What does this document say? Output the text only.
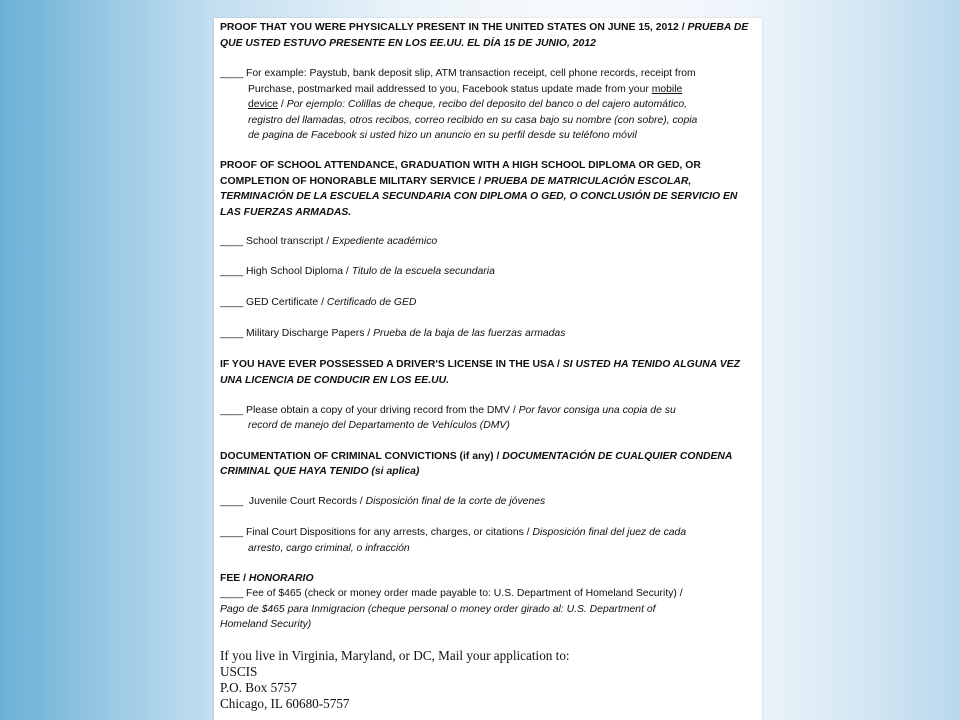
PROOF THAT YOU WERE PHYSICALLY PRESENT IN THE UNITED STATES ON JUNE 15, 2012 / PRUEBA DE
QUE USTED ESTUVO PRESENTE EN LOS EE.UU. EL DÍA 15 DE JUNIO, 2012
____ For example: Paystub, bank deposit slip, ATM transaction receipt, cell phone records, receipt from
Purchase, postmarked mail addressed to you, Facebook status update made from your mobile
device / Por ejemplo: Colillas de cheque, recibo del deposito del banco o del cajero automático,
registro del llamadas, otros recibos, correo recibido en su casa bajo su nombre (con sobre), copia
de pagina de Facebook si usted hizo un anuncio en su perfil desde su teléfono móvil
PROOF OF SCHOOL ATTENDANCE, GRADUATION WITH A HIGH SCHOOL DIPLOMA OR GED, OR
COMPLETION OF HONORABLE MILITARY SERVICE / PRUEBA DE MATRICULACIÓN ESCOLAR,
TERMINACIÓN DE LA ESCUELA SECUNDARIA CON DIPLOMA O GED, O CONCLUSIÓN DE SERVICIO EN
LAS FUERZAS ARMADAS.
____ School transcript / Expediente académico
____ High School Diploma / Titulo de la escuela secundaria
____ GED Certificate / Certificado de GED
____ Military Discharge Papers / Prueba de la baja de las fuerzas armadas
IF YOU HAVE EVER POSSESSED A DRIVER'S LICENSE IN THE USA / SI USTED HA TENIDO ALGUNA VEZ
UNA LICENCIA DE CONDUCIR EN LOS EE.UU.
____ Please obtain a copy of your driving record from the DMV / Por favor consiga una copia de su
record de manejo del Departamento de Vehículos (DMV)
DOCUMENTATION OF CRIMINAL CONVICTIONS (if any) / DOCUMENTACIÓN DE CUALQUIER CONDENA
CRIMINAL QUE HAYA TENIDO (si aplica)
____ Juvenile Court Records / Disposición final de la corte de jóvenes
____ Final Court Dispositions for any arrests, charges, or citations / Disposición final del juez de cada
arresto, cargo criminal, o infracción
FEE / HONORARIO
____ Fee of $465 (check or money order made payable to: U.S. Department of Homeland Security) /
Pago de $465 para Inmigracion (cheque personal o money order girado al: U.S. Department of
Homeland Security)
If you live in Virginia, Maryland, or DC, Mail your application to:
USCIS
P.O. Box 5757
Chicago, IL 60680-5757
